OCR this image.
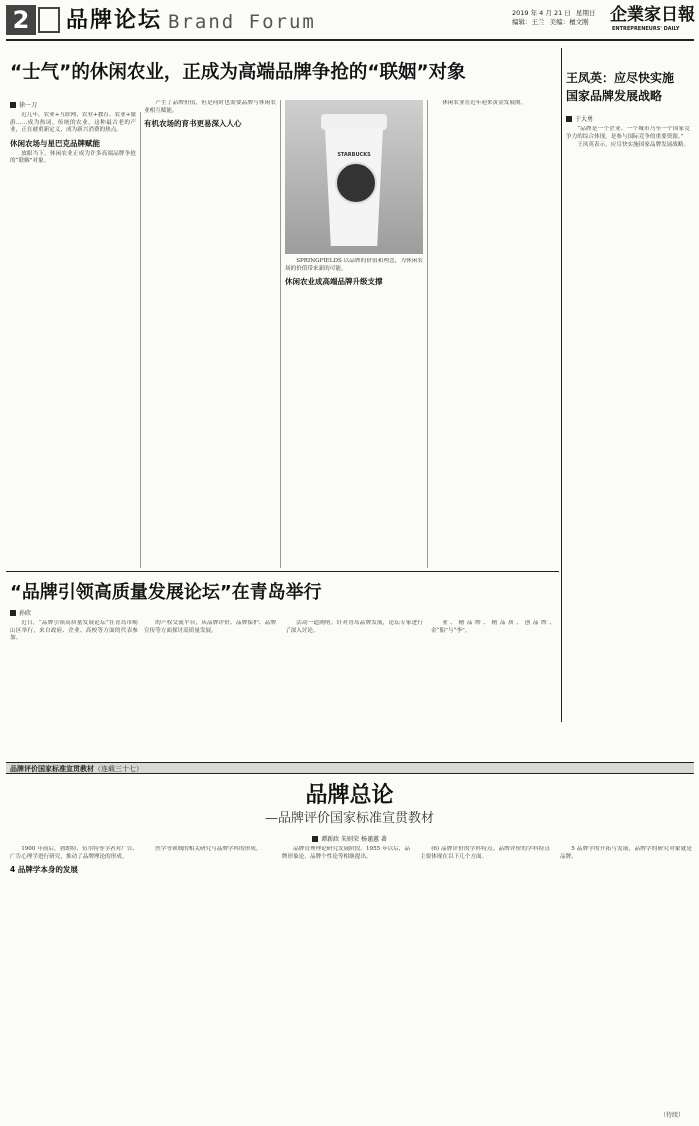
2	品牌论坛 Brand Forum	2019 年 4 月 21 日 星期日
编辑：王兰 美编：檀文刚	企業家日報
ENTREPRENEURS' DAILY
“士气”的休闲农业，正成为高端品牌争抢的“联姻”对象
徐一刀

近几年，农业+互联网、农业+教育、农业+旅游……成为热词。传统的农业，这种最古老的产业，正在被重新定义，成为新兴消费的热点。

休闲农场与星巴克品牌赋能

放眼当下，休闲农业正成为许多高端品牌争抢的“联姻”对象。

产生了品牌价值，但是同时也需要品牌与休闲农业相互赋能。

有机农场的育书更易深入人心
STARBUCKS

SPRINGFIELDS 以品牌的价值和理念，为休闲农场的价值带来新的可能。

休闲农业成高端品牌升级支撑

休闲农业在近年迎来黄金发展期。

王凤英：应尽快实施
国家品牌发展战略
于大勇

“品牌是一个企业、一个城市乃至一个国家竞争力的综合体现，是参与国际竞争的重要资源。”

王凤英表示，应尽快实施国家品牌发展战略。

“品牌引领高质量发展论坛”在青岛举行
孙欣

近日，“品牌引领高质量发展论坛”在青岛市崂山区举行，来自政府、企业、高校等方面的代表参加。

的产权交流平台，从品牌评价、品牌保护、品牌宣传等方面探讨高质量发展。

活动一道阐明。针对青岛品牌发展，论坛专家进行了深入讨论。

业、精品牌、精品质、创品牌、金“船”与“李”。

品牌评价国家标准宣贯教材（连载三十七）
品牌总论
—品牌评价国家标准宣贯教材
谭新政 朱则荣 杨谨蕙 著

1900 年前后，勃朗特、伍尔特等学者对广告、广告心理学进行研究，推动了品牌理论的形成。

4 品牌学本身的发展

医学等领域的相关研究与品牌学科的形成。	品牌管理理论研究发展阶段。1955 年以后，品牌形象论、品牌个性论等相继提出。

(6) 品牌评价的学科特点。品牌评价的学科特点主要体现在以下几个方面。

5 品牌学的开拓与发展，品牌学的研究对象就是品牌。

（待续）
